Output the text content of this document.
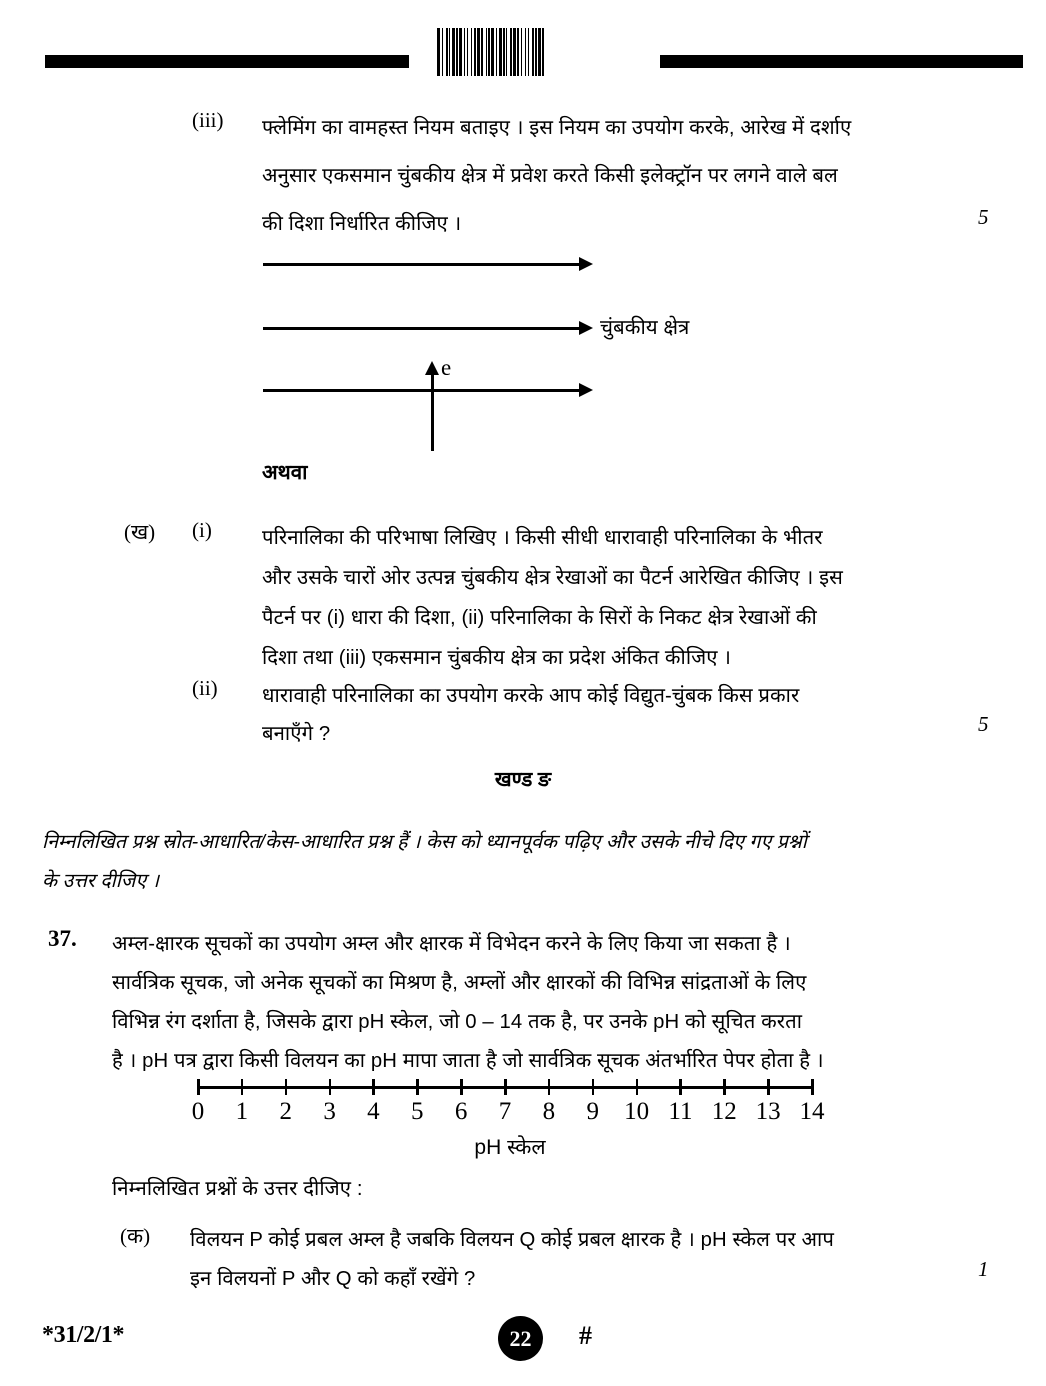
(iii) फ्लेमिंग का वामहस्त नियम बताइए । इस नियम का उपयोग करके, आरेख में दर्शाए
अनुसार एकसमान चुंबकीय क्षेत्र में प्रवेश करते किसी इलेक्ट्रॉन पर लगने वाले बल
की दिशा निर्धारित कीजिए ।	5
e
चुंबकीय क्षेत्र
अथवा
(ख) (i) परिनालिका की परिभाषा लिखिए । किसी सीधी धारावाही परिनालिका के भीतर
और उसके चारों ओर उत्पन्न चुंबकीय क्षेत्र रेखाओं का पैटर्न आरेखित कीजिए । इस
पैटर्न पर (i) धारा की दिशा, (ii) परिनालिका के सिरों के निकट क्षेत्र रेखाओं की
दिशा तथा (iii) एकसमान चुंबकीय क्षेत्र का प्रदेश अंकित कीजिए ।
(ii) धारावाही परिनालिका का उपयोग करके आप कोई विद्युत-चुंबक किस प्रकार
बनाएँगे ?	5
खण्ड ङ
निम्नलिखित प्रश्न स्रोत-आधारित/केस-आधारित प्रश्न हैं । केस को ध्यानपूर्वक पढ़िए और उसके नीचे दिए गए प्रश्नों
के उत्तर दीजिए ।
37. अम्ल-क्षारक सूचकों का उपयोग अम्ल और क्षारक में विभेदन करने के लिए किया जा सकता है ।
सार्वत्रिक सूचक, जो अनेक सूचकों का मिश्रण है, अम्लों और क्षारकों की विभिन्न सांद्रताओं के लिए
विभिन्न रंग दर्शाता है, जिसके द्वारा pH स्केल, जो 0 – 14 तक है, पर उनके pH को सूचित करता
है । pH पत्र द्वारा किसी विलयन का pH मापा जाता है जो सार्वत्रिक सूचक अंतर्भारित पेपर होता है ।
pH स्केल
0 1 2 3 4 5 6 7 8 9 10 11 12 13 14
निम्नलिखित प्रश्नों के उत्तर दीजिए :
(क) विलयन P कोई प्रबल अम्ल है जबकि विलयन Q कोई प्रबल क्षारक है । pH स्केल पर आप
इन विलयनों P और Q को कहाँ रखेंगे ?	1
*31/2/1*	22	#
